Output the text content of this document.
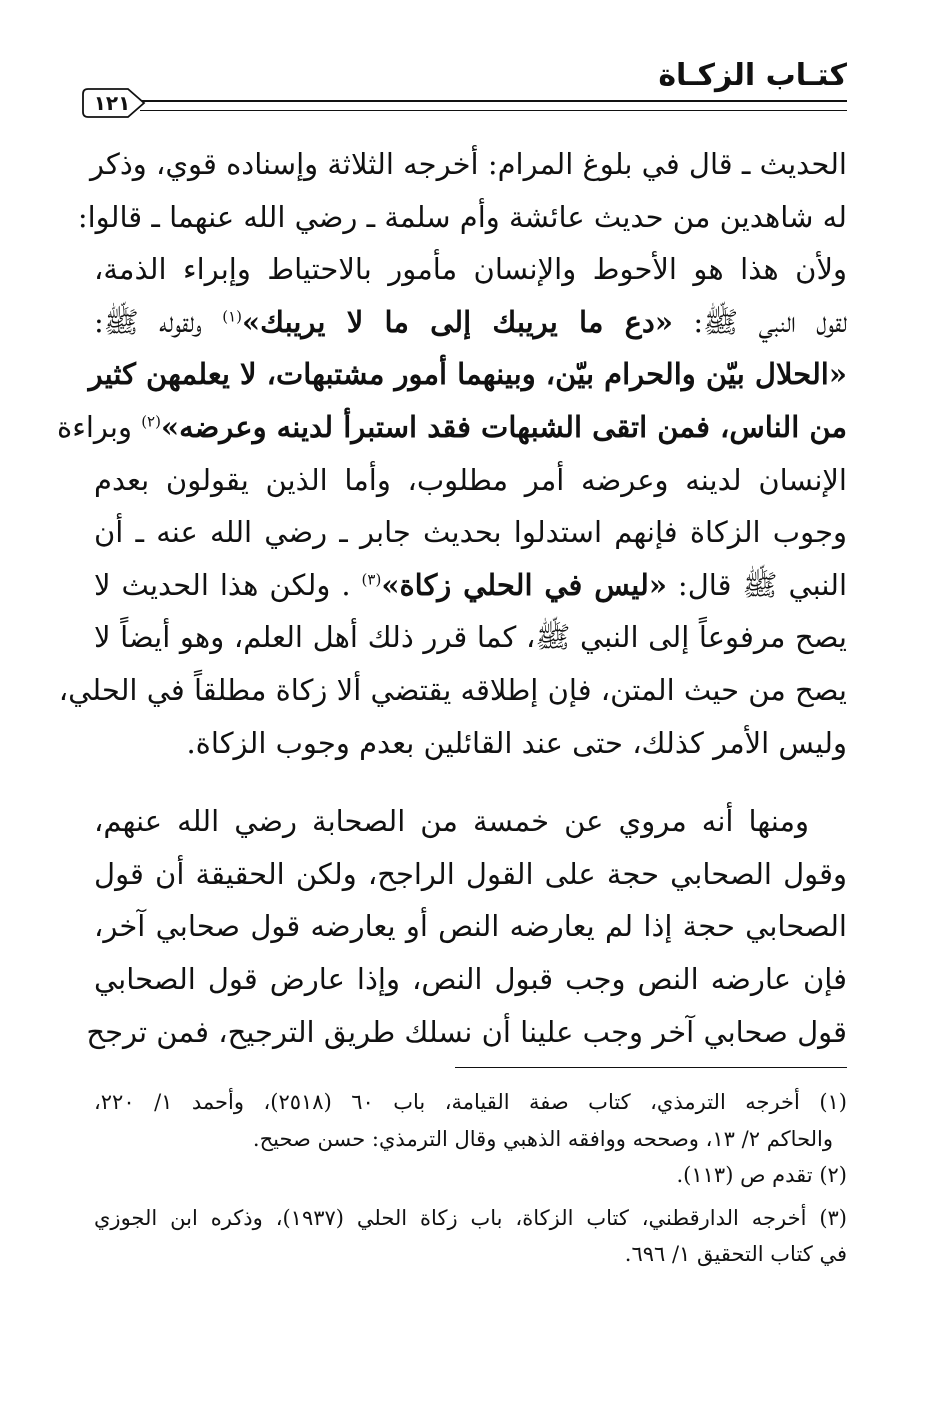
كتـاب الزكـاة
١٢١
الحديث ـ قال في بلوغ المرام: أخرجه الثلاثة وإسناده قوي، وذكر
له شاهدين من حديث عائشة وأم سلمة ـ رضي الله عنهما ـ قالوا:
ولأن هذا هو الأحوط والإنسان مأمور بالاحتياط وإبراء الذمة،
لقول النبي ﷺ: «دع ما يريبك إلى ما لا يريبك»$^{(١)}$ ولقوله ﷺ:
«الحلال بيّن والحرام بيّن، وبينهما أمور مشتبهات، لا يعلمهن كثير
من الناس، فمن اتقى الشبهات فقد استبرأ لدينه وعرضه»$^{(٢)}$ وبراءة
الإنسان لدينه وعرضه أمر مطلوب، وأما الذين يقولون بعدم
وجوب الزكاة فإنهم استدلوا بحديث جابر ـ رضي الله عنه ـ أن
النبي ﷺ قال: «ليس في الحلي زكاة»$^{(٣)}$ . ولكن هذا الحديث لا
يصح مرفوعاً إلى النبي ﷺ، كما قرر ذلك أهل العلم، وهو أيضاً لا
يصح من حيث المتن، فإن إطلاقه يقتضي ألا زكاة مطلقاً في الحلي،
وليس الأمر كذلك، حتى عند القائلين بعدم وجوب الزكاة.
ومنها أنه مروي عن خمسة من الصحابة رضي الله عنهم،
وقول الصحابي حجة على القول الراجح، ولكن الحقيقة أن قول
الصحابي حجة إذا لم يعارضه النص أو يعارضه قول صحابي آخر،
فإن عارضه النص وجب قبول النص، وإذا عارض قول الصحابي
قول صحابي آخر وجب علينا أن نسلك طريق الترجيح، فمن ترجح
(١) أخرجه الترمذي، كتاب صفة القيامة، باب ٦٠ (٢٥١٨)، وأحمد ١/ ٢٢٠،
والحاكم ٢/ ١٣، وصححه ووافقه الذهبي وقال الترمذي: حسن صحيح.
(٢) تقدم ص (١١٣).
(٣) أخرجه الدارقطني، كتاب الزكاة، باب زكاة الحلي (١٩٣٧)، وذكره ابن الجوزي
في كتاب التحقيق ١/ ٦٩٦.
